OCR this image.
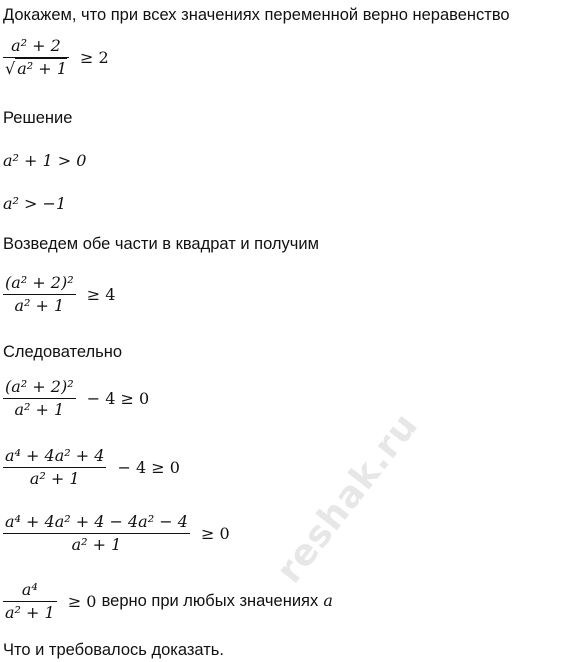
Докажем, что при всех значениях переменной верно неравенство
$\frac{\text{a² + 2}}{\text{√ a² + 1}} \ge 2$
Решение
a² + 1 > 0
a² > −1
Возведем обе части в квадрат и получим
$\frac{\text{(a² + 2)²}}{\text{a² + 1}} \ge 4$
Следовательно
$\frac{\text{(a² + 2)²}}{\text{a² + 1}} - 4 \ge 0$
$\frac{\text{a⁴ + 4a² + 4}}{\text{a² + 1}} - 4 \ge 0$
$\frac{\text{a⁴ + 4a² + 4 − 4a² − 4}}{\text{a² + 1}} \ge 0$
$\frac{\text{a⁴}}{\text{a² + 1}} \ge 0$ верно при любых значениях a
Что и требовалось доказать.
reshak.ru
